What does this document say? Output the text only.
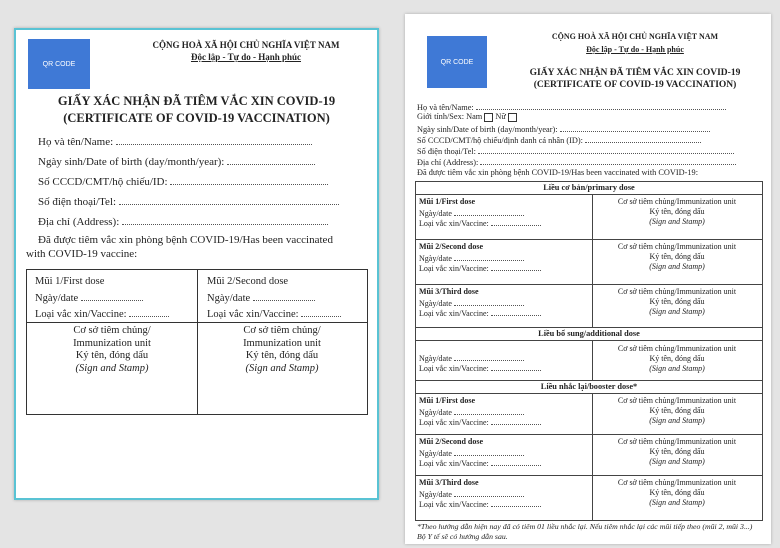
QR CODE
CỘNG HOÀ XÃ HỘI CHỦ NGHĨA VIỆT NAM
Độc lập - Tự do - Hạnh phúc
GIẤY XÁC NHẬN ĐÃ TIÊM VẮC XIN COVID-19
(CERTIFICATE OF COVID-19 VACCINATION)
Họ và tên/Name:
Ngày sinh/Date of birth (day/month/year):
Số CCCD/CMT/hộ chiếu/ID:
Số điện thoại/Tel:
Địa chỉ (Address):
Đã được tiêm vắc xin phòng bệnh COVID-19/Has been vaccinated
with COVID-19 vaccine:
Mũi 1/First dose
Ngày/date
Loại vắc xin/Vaccine:
Mũi 2/Second dose
Ngày/date
Loại vắc xin/Vaccine:
Cơ sở tiêm chủng/
Immunization unit
Ký tên, đóng dấu
(Sign and Stamp)
Cơ sở tiêm chủng/
Immunization unit
Ký tên, đóng dấu
(Sign and Stamp)
QR CODE
CỘNG HOÀ XÃ HỘI CHỦ NGHĨA VIỆT NAM
Độc lập - Tự do - Hạnh phúc
GIẤY XÁC NHẬN ĐÃ TIÊM VẮC XIN COVID-19
(CERTIFICATE OF COVID-19 VACCINATION)
Họ và tên/Name:
Giới tính/Sex: Nam Nữ
Ngày sinh/Date of birth (day/month/year):
Số CCCD/CMT/hộ chiếu/định danh cá nhân (ID):
Số điện thoại/Tel:
Địa chỉ (Address):
Đã được tiêm vắc xin phòng bệnh COVID-19/Has been vaccinated with COVID-19:
Liều cơ bản/primary dose
Mũi 1/First dose
Ngày/date
Loại vắc xin/Vaccine:
Cơ sở tiêm chủng/Immunization unit
Ký tên, đóng dấu
(Sign and Stamp)
Mũi 2/Second dose
Ngày/date
Loại vắc xin/Vaccine:
Cơ sở tiêm chủng/Immunization unit
Ký tên, đóng dấu
(Sign and Stamp)
Mũi 3/Third dose
Ngày/date
Loại vắc xin/Vaccine:
Cơ sở tiêm chủng/Immunization unit
Ký tên, đóng dấu
(Sign and Stamp)
Liều bổ sung/additional dose
Ngày/date
Loại vắc xin/Vaccine:
Cơ sở tiêm chủng/Immunization unit
Ký tên, đóng dấu
(Sign and Stamp)
Liều nhắc lại/booster dose*
Mũi 1/First dose
Ngày/date
Loại vắc xin/Vaccine:
Cơ sở tiêm chủng/Immunization unit
Ký tên, đóng dấu
(Sign and Stamp)
Mũi 2/Second dose
Ngày/date
Loại vắc xin/Vaccine:
Cơ sở tiêm chủng/Immunization unit
Ký tên, đóng dấu
(Sign and Stamp)
Mũi 3/Third dose
Ngày/date
Loại vắc xin/Vaccine:
Cơ sở tiêm chủng/Immunization unit
Ký tên, đóng dấu
(Sign and Stamp)
*Theo hướng dẫn hiện nay đã có tiêm 01 liều nhắc lại. Nếu tiêm nhắc lại các mũi tiếp theo (mũi 2, mũi 3...) Bộ Y tế sẽ có hướng dẫn sau.
